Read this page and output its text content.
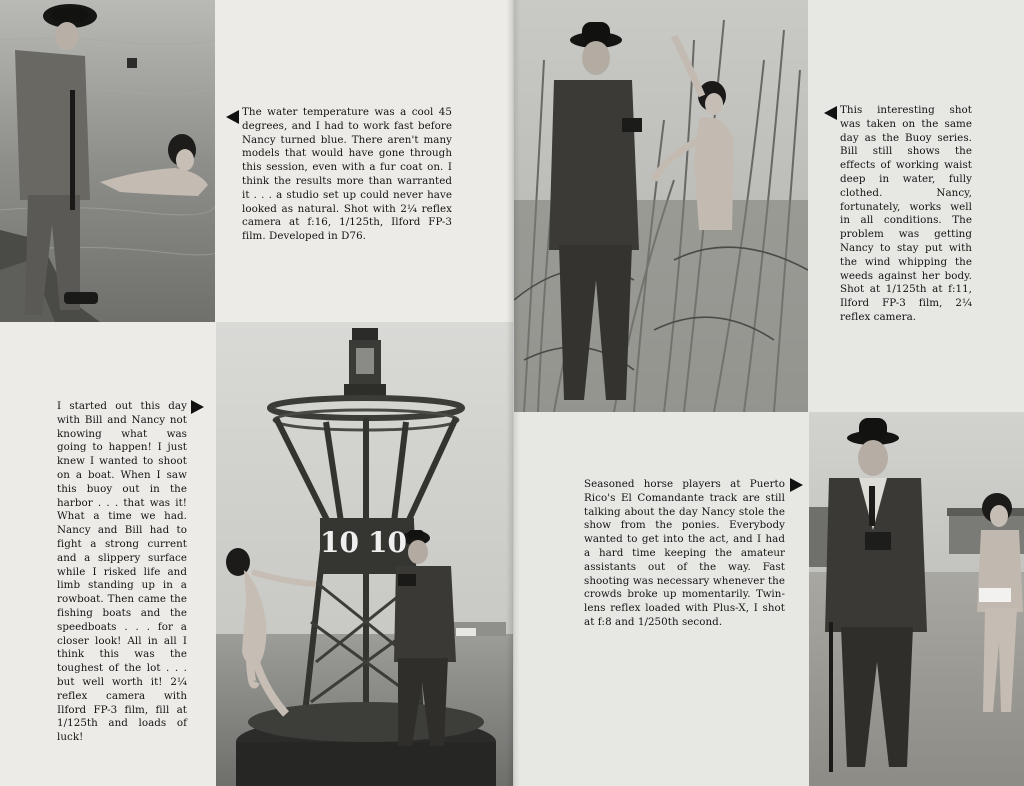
The water temperature was a cool 45 degrees, and I had to work fast before Nancy turned blue. There aren't many models that would have gone through this session, even with a fur coat on. I think the results more than warranted it . . . a studio set up could never have looked as natural. Shot with 2¼ reflex camera at f:16, 1/125th, Ilford FP-3 film. Developed in D76.
10 10
I started out this day with Bill and Nancy not knowing what was going to happen! I just knew I wanted to shoot on a boat. When I saw this buoy out in the harbor . . . that was it! What a time we had. Nancy and Bill had to fight a strong current and a slippery surface while I risked life and limb standing up in a rowboat. Then came the fishing boats and the speedboats . . . for a closer look! All in all I think this was the toughest of the lot . . . but well worth it! 2¼ reflex camera with Ilford FP-3 film, fill at 1/125th and loads of luck!
This interesting shot was taken on the same day as the Buoy series. Bill still shows the effects of working waist deep in water, fully clothed. Nancy, fortunately, works well in all conditions. The problem was getting Nancy to stay put with the wind whipping the weeds against her body. Shot at 1/125th at f:11, Ilford FP-3 film, 2¼ reflex camera.
Seasoned horse players at Puerto Rico's El Comandante track are still talking about the day Nancy stole the show from the ponies. Everybody wanted to get into the act, and I had a hard time keeping the amateur assistants out of the way. Fast shooting was necessary whenever the crowds broke up momentarily. Twin-lens reflex loaded with Plus-X, I shot at f:8 and 1/250th second.
